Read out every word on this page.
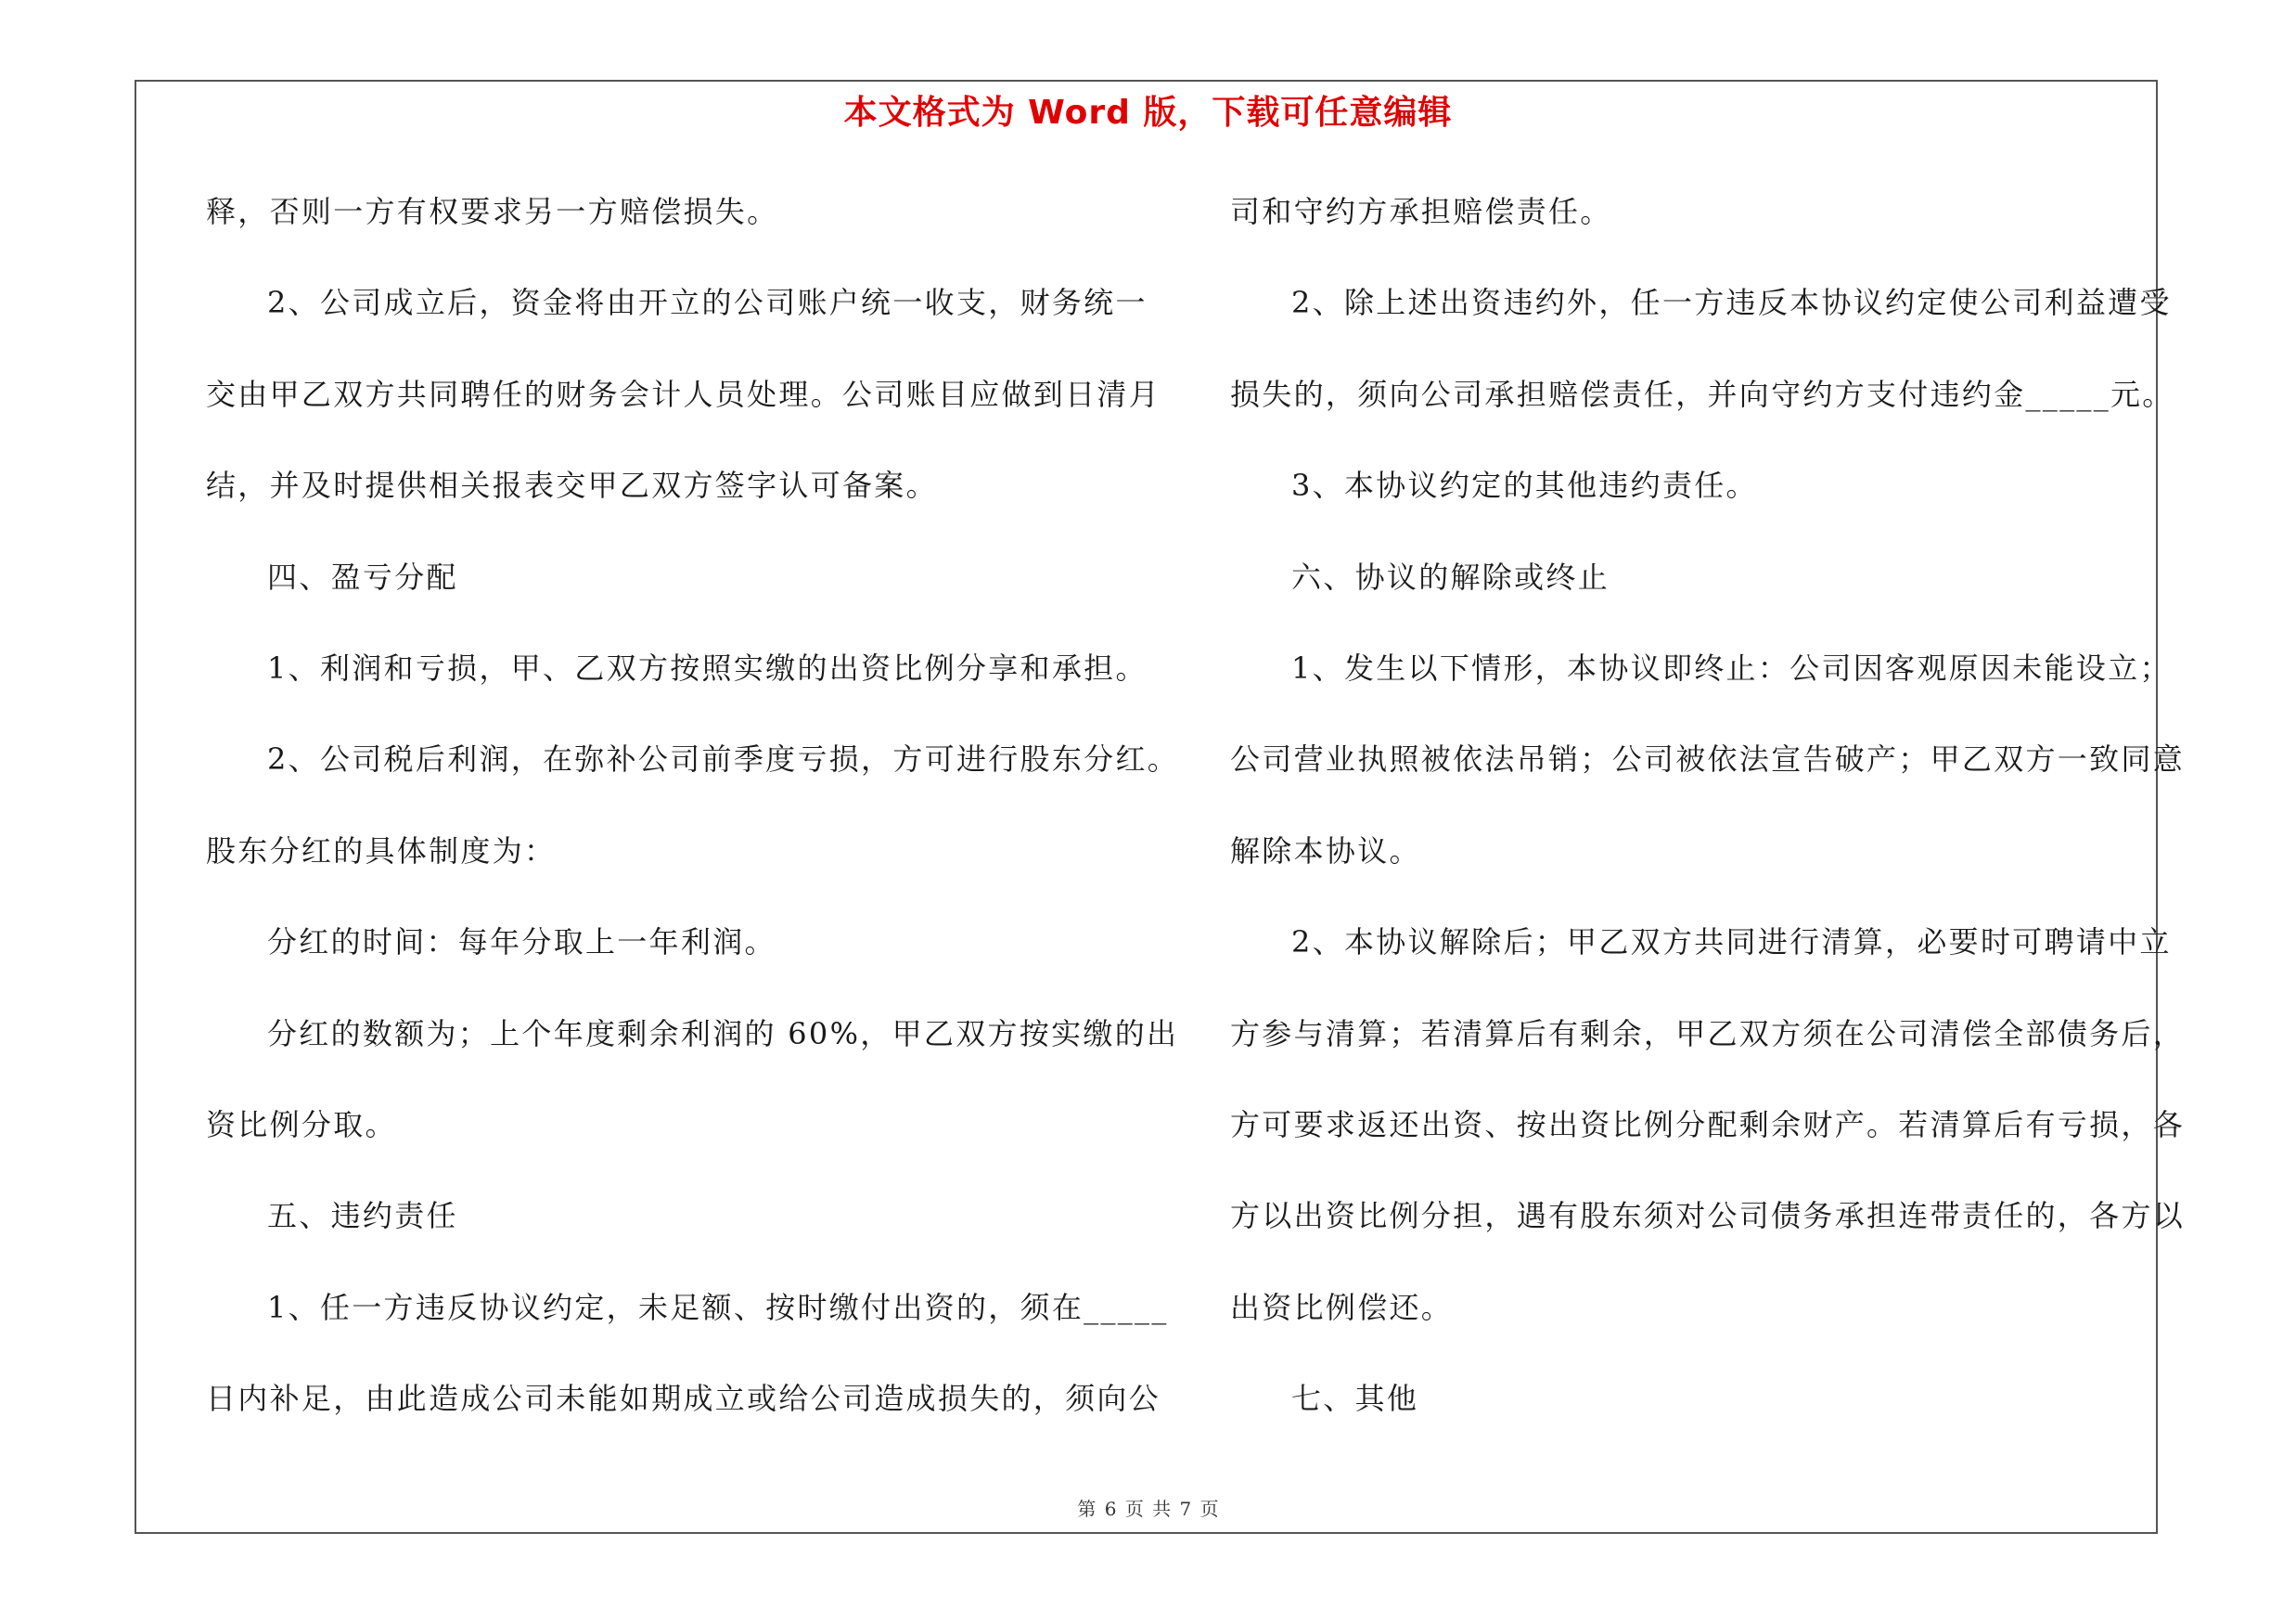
本文格式为 Word 版，下载可任意编辑
释，否则一方有权要求另一方赔偿损失。
2、公司成立后，资金将由开立的公司账户统一收支，财务统一
交由甲乙双方共同聘任的财务会计人员处理。公司账目应做到日清月
结，并及时提供相关报表交甲乙双方签字认可备案。
四、盈亏分配
1、利润和亏损，甲、乙双方按照实缴的出资比例分享和承担。
2、公司税后利润，在弥补公司前季度亏损，方可进行股东分红。
股东分红的具体制度为：
分红的时间：每年分取上一年利润。
分红的数额为；上个年度剩余利润的 60%，甲乙双方按实缴的出
资比例分取。
五、违约责任
1、任一方违反协议约定，未足额、按时缴付出资的，须在_____
日内补足，由此造成公司未能如期成立或给公司造成损失的，须向公
司和守约方承担赔偿责任。
2、除上述出资违约外，任一方违反本协议约定使公司利益遭受
损失的，须向公司承担赔偿责任，并向守约方支付违约金_____元。
3、本协议约定的其他违约责任。
六、协议的解除或终止
1、发生以下情形，本协议即终止：公司因客观原因未能设立；
公司营业执照被依法吊销；公司被依法宣告破产；甲乙双方一致同意
解除本协议。
2、本协议解除后；甲乙双方共同进行清算，必要时可聘请中立
方参与清算；若清算后有剩余，甲乙双方须在公司清偿全部债务后，
方可要求返还出资、按出资比例分配剩余财产。若清算后有亏损，各
方以出资比例分担，遇有股东须对公司债务承担连带责任的，各方以
出资比例偿还。
七、其他
第 6 页 共 7 页
